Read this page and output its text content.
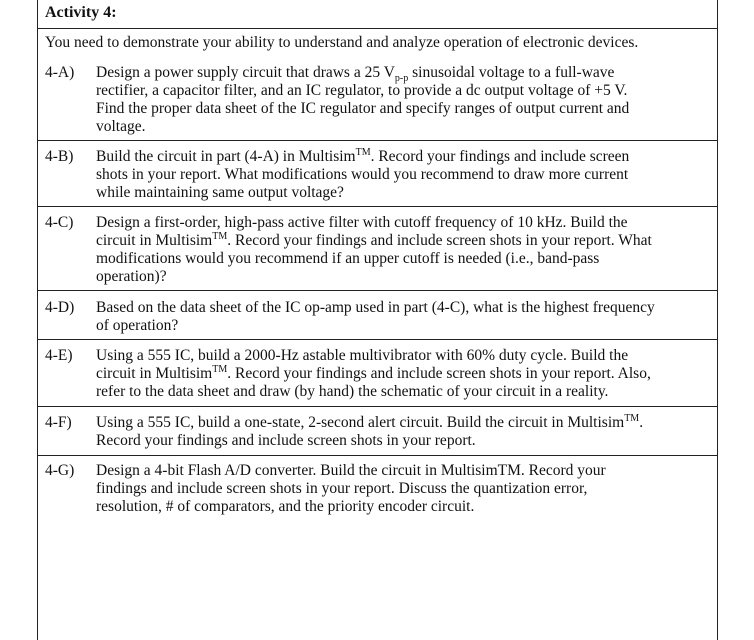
Activity 4:
You need to demonstrate your ability to understand and analyze operation of electronic devices.
4-A) Design a power supply circuit that draws a 25 $V_{p-p}$ sinusoidal voltage to a full-wave
rectifier, a capacitor filter, and an IC regulator, to provide a dc output voltage of +5 V.
Find the proper data sheet of the IC regulator and specify ranges of output current and
voltage.
4-B) Build the circuit in part (4-A) in Multisim™. Record your findings and include screen
shots in your report. What modifications would you recommend to draw more current
while maintaining same output voltage?
4-C) Design a first-order, high-pass active filter with cutoff frequency of 10 kHz. Build the
circuit in Multisim™. Record your findings and include screen shots in your report. What
modifications would you recommend if an upper cutoff is needed (i.e., band-pass
operation)?
4-D) Based on the data sheet of the IC op-amp used in part (4-C), what is the highest frequency
of operation?
4-E) Using a 555 IC, build a 2000-Hz astable multivibrator with 60% duty cycle. Build the
circuit in Multisim™. Record your findings and include screen shots in your report. Also,
refer to the data sheet and draw (by hand) the schematic of your circuit in a reality.
4-F) Using a 555 IC, build a one-state, 2-second alert circuit. Build the circuit in Multisim™.
Record your findings and include screen shots in your report.
4-G) Design a 4-bit Flash A/D converter. Build the circuit in MultisimTM. Record your
findings and include screen shots in your report. Discuss the quantization error,
resolution, # of comparators, and the priority encoder circuit.
